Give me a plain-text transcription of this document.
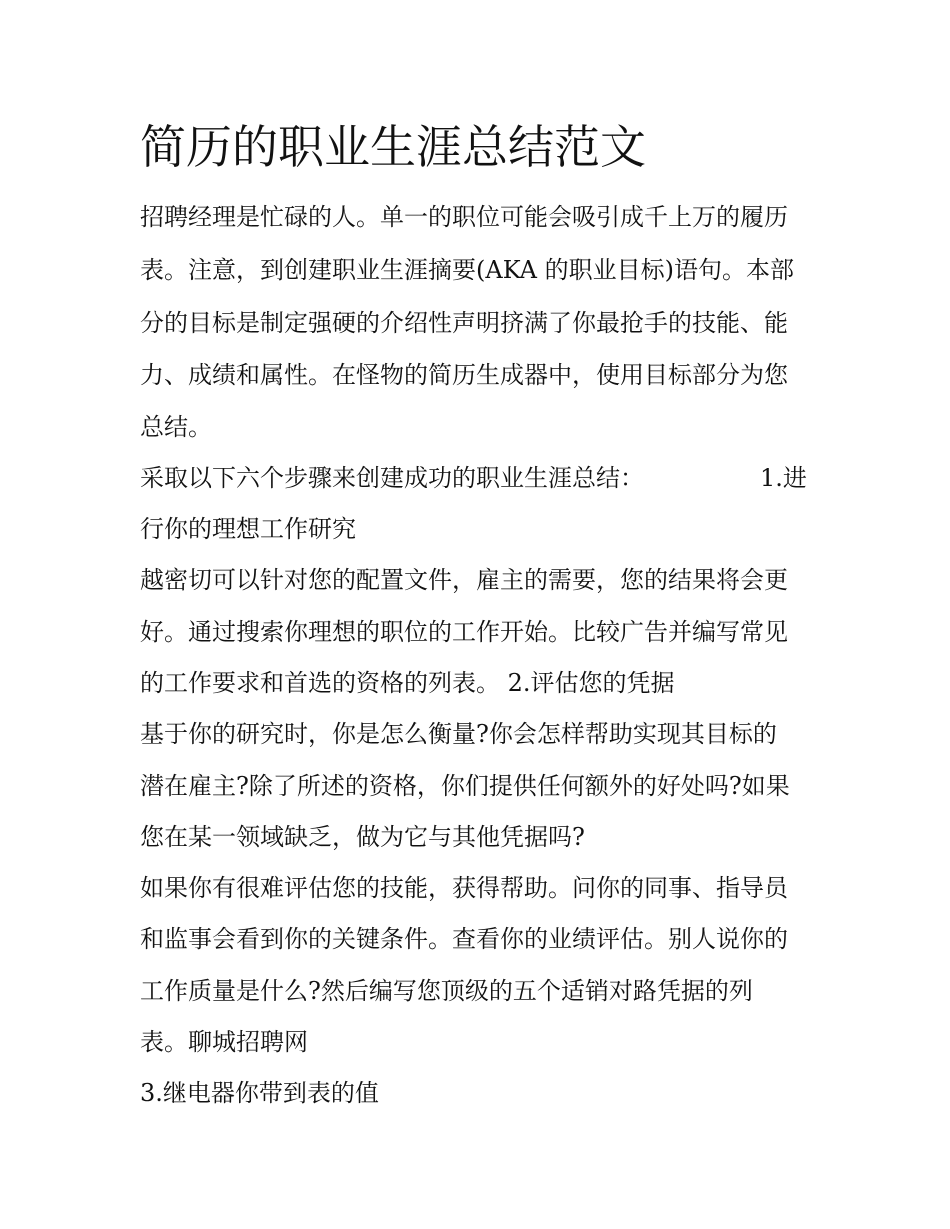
简历的职业生涯总结范文

招聘经理是忙碌的人。单一的职位可能会吸引成千上万的履历

表。注意，到创建职业生涯摘要(AKA 的职业目标)语句。本部

分的目标是制定强硬的介绍性声明挤满了你最抢手的技能、能

力、成绩和属性。在怪物的简历生成器中，使用目标部分为您

总结。

采取以下六个步骤来创建成功的职业生涯总结：	1.进

行你的理想工作研究

越密切可以针对您的配置文件，雇主的需要，您的结果将会更

好。通过搜索你理想的职位的工作开始。比较广告并编写常见

的工作要求和首选的资格的列表。 2.评估您的凭据

基于你的研究时，你是怎么衡量?你会怎样帮助实现其目标的

潜在雇主?除了所述的资格，你们提供任何额外的好处吗?如果

您在某一领域缺乏，做为它与其他凭据吗?

如果你有很难评估您的技能，获得帮助。问你的同事、指导员

和监事会看到你的关键条件。查看你的业绩评估。别人说你的

工作质量是什么?然后编写您顶级的五个适销对路凭据的列

表。聊城招聘网

3.继电器你带到表的值
